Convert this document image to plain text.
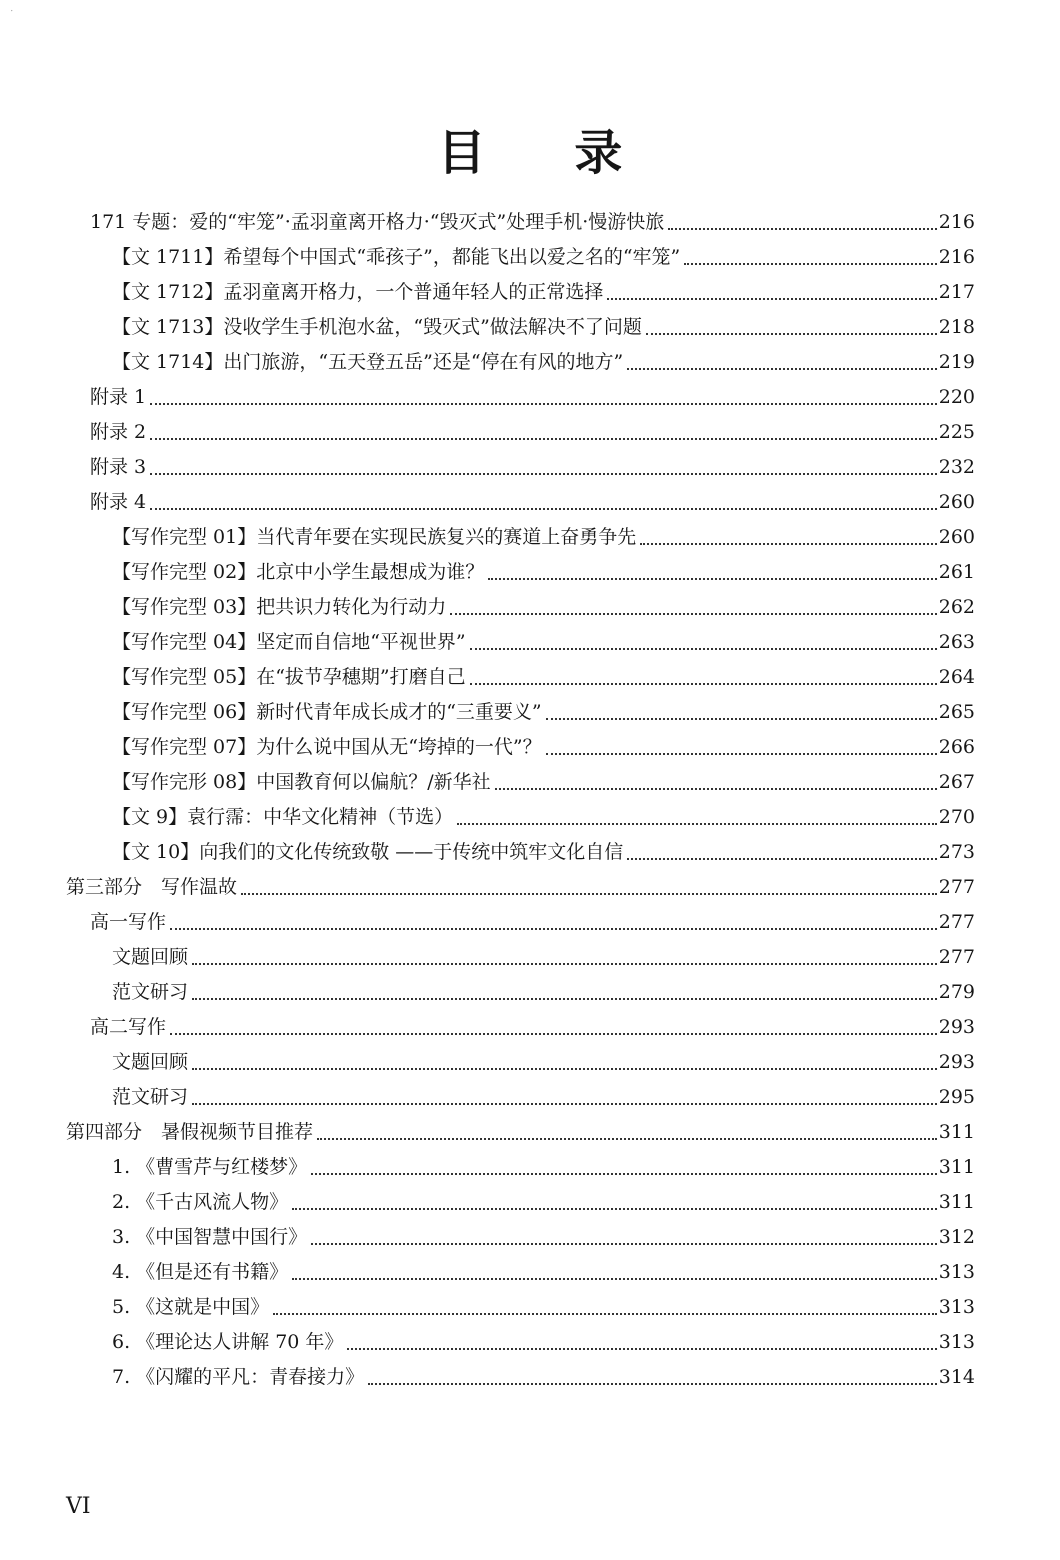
⋅
目 录
171 专题：爱的“牢笼”·孟羽童离开格力·“毁灭式”处理手机·慢游快旅	216
【文 1711】希望每个中国式“乖孩子”，都能飞出以爱之名的“牢笼”	216
【文 1712】孟羽童离开格力，一个普通年轻人的正常选择	217
【文 1713】没收学生手机泡水盆，“毁灭式”做法解决不了问题	218
【文 1714】出门旅游，“五天登五岳”还是“停在有风的地方”	219
附录 1	220
附录 2	225
附录 3	232
附录 4	260
【写作完型 01】当代青年要在实现民族复兴的赛道上奋勇争先	260
【写作完型 02】北京中小学生最想成为谁？	261
【写作完型 03】把共识力转化为行动力	262
【写作完型 04】坚定而自信地“平视世界”	263
【写作完型 05】在“拔节孕穗期”打磨自己	264
【写作完型 06】新时代青年成长成才的“三重要义”	265
【写作完型 07】为什么说中国从无“垮掉的一代”？	266
【写作完形 08】中国教育何以偏航？/新华社	267
【文 9】袁行霈：中华文化精神（节选）	270
【文 10】向我们的文化传统致敬 ——于传统中筑牢文化自信	273
第三部分　写作温故	277
高一写作	277
文题回顾	277
范文研习	279
高二写作	293
文题回顾	293
范文研习	295
第四部分　暑假视频节目推荐	311
1. 《曹雪芹与红楼梦》	311
2. 《千古风流人物》	311
3. 《中国智慧中国行》	312
4. 《但是还有书籍》	313
5. 《这就是中国》	313
6. 《理论达人讲解 70 年》	313
7. 《闪耀的平凡：青春接力》	314
VI
